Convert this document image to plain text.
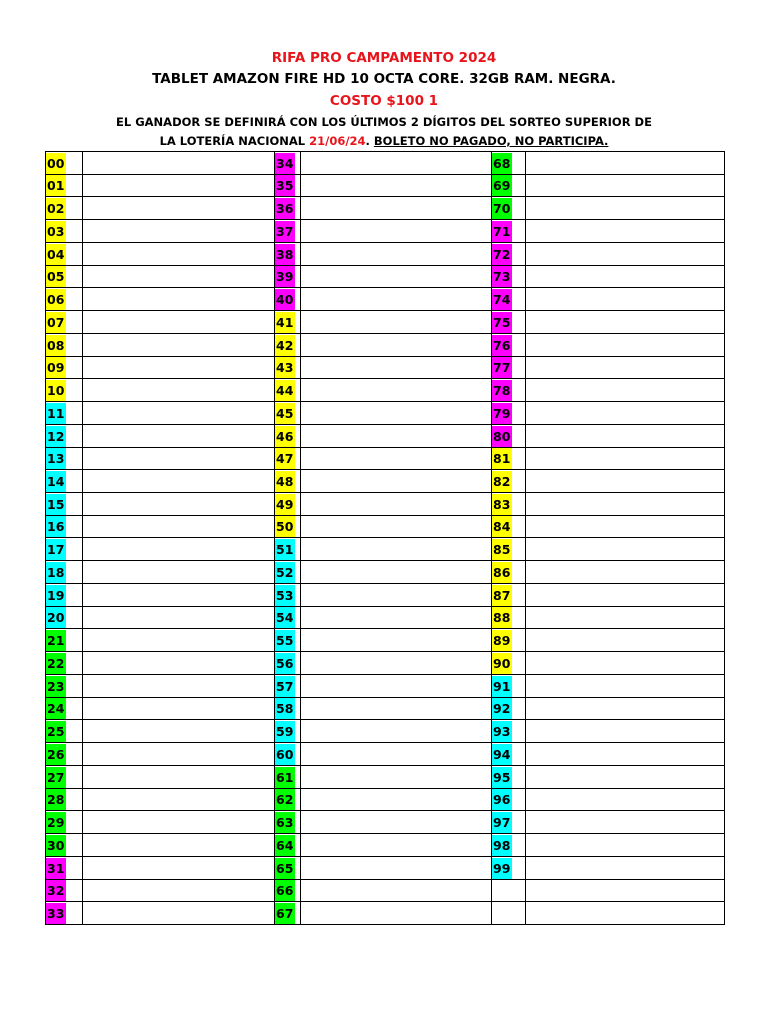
RIFA PRO CAMPAMENTO 2024
TABLET AMAZON FIRE HD 10 OCTA CORE. 32GB RAM. NEGRA.
COSTO $100 1
EL GANADOR SE DEFINIRÁ CON LOS ÚLTIMOS 2 DÍGITOS DEL SORTEO SUPERIOR DE
LA LOTERÍA NACIONAL 21/06/24. BOLETO NO PAGADO, NO PARTICIPA.
00		34		68	
01		35		69	
02		36		70	
03		37		71	
04		38		72	
05		39		73	
06		40		74	
07		41		75	
08		42		76	
09		43		77	
10		44		78	
11		45		79	
12		46		80	
13		47		81	
14		48		82	
15		49		83	
16		50		84	
17		51		85	
18		52		86	
19		53		87	
20		54		88	
21		55		89	
22		56		90	
23		57		91	
24		58		92	
25		59		93	
26		60		94	
27		61		95	
28		62		96	
29		63		97	
30		64		98	
31		65		99	
32		66			
33		67			
